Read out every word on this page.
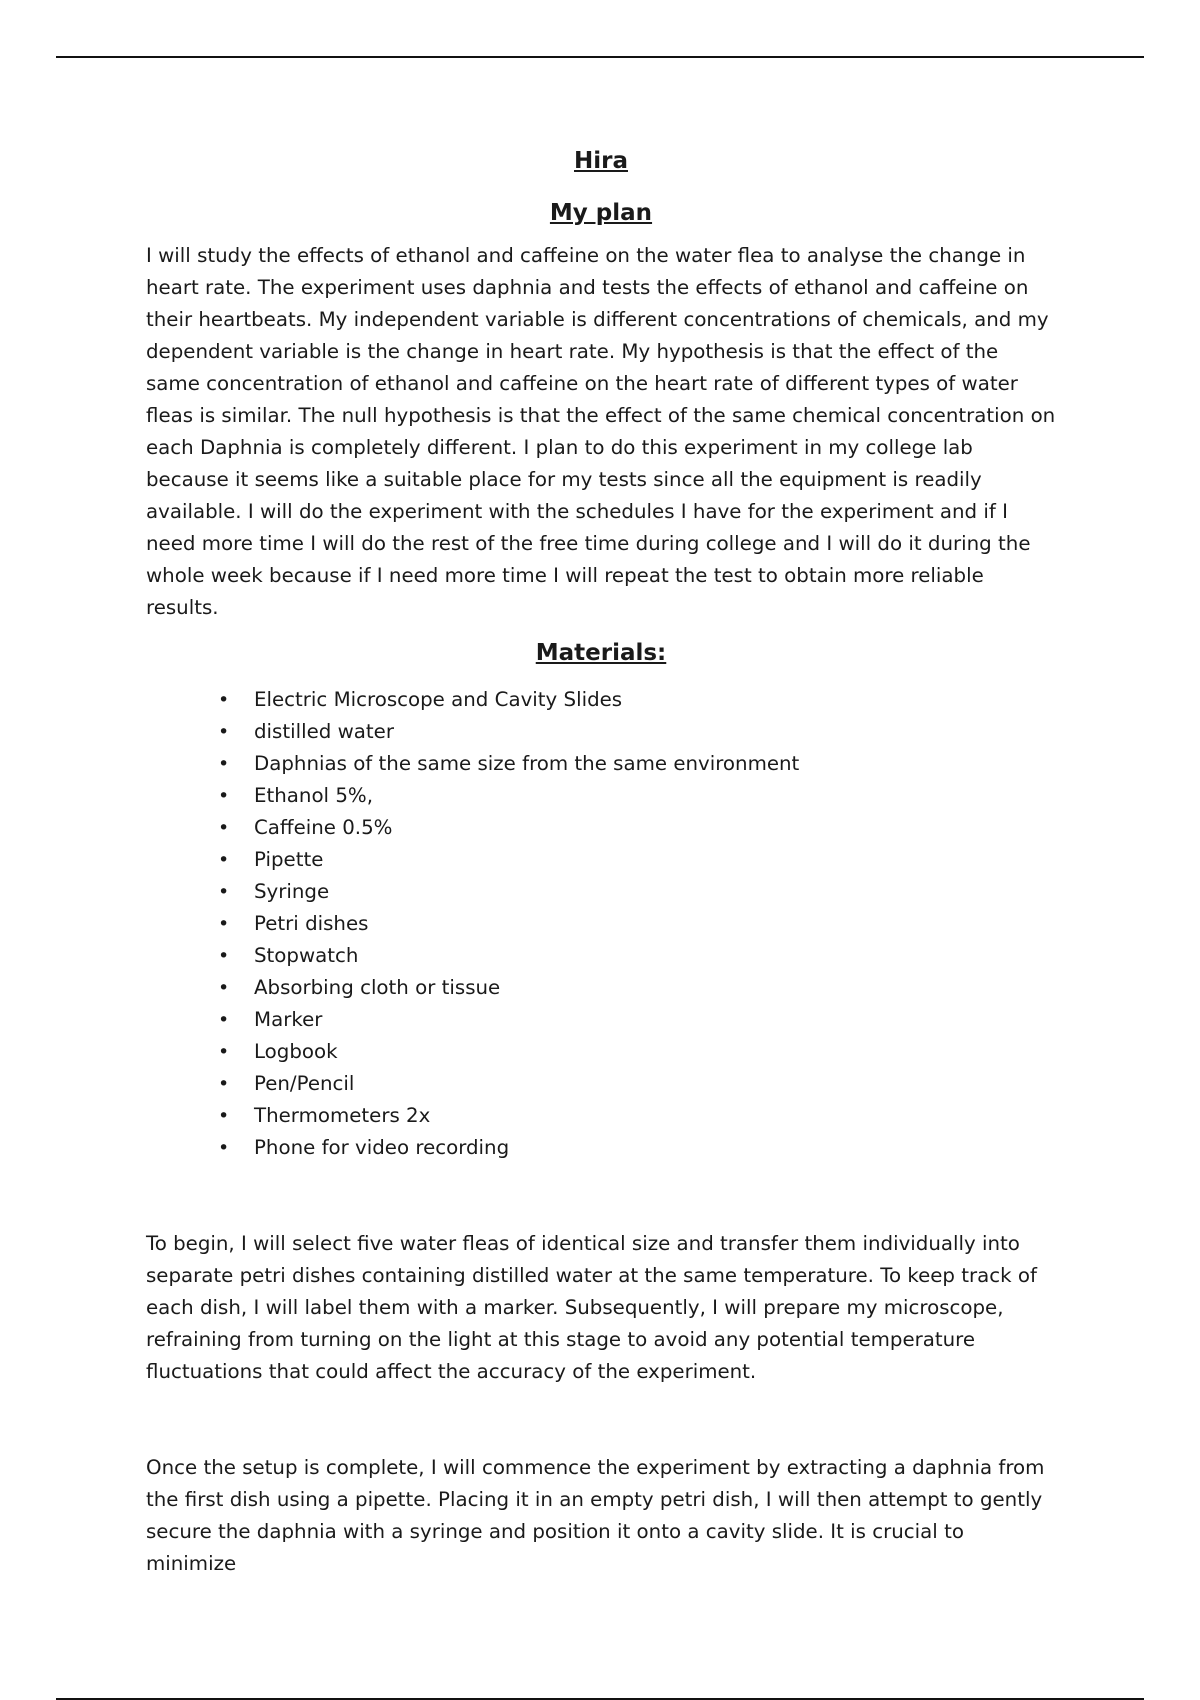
Hira
My plan

I will study the effects of ethanol and caffeine on the water flea to analyse the change in heart rate. The experiment uses daphnia and tests the effects of ethanol and caffeine on their heartbeats. My independent variable is different concentrations of chemicals, and my dependent variable is the change in heart rate. My hypothesis is that the effect of the same concentration of ethanol and caffeine on the heart rate of different types of water fleas is similar. The null hypothesis is that the effect of the same chemical concentration on each Daphnia is completely different. I plan to do this experiment in my college lab because it seems like a suitable place for my tests since all the equipment is readily available. I will do the experiment with the schedules I have for the experiment and if I need more time I will do the rest of the free time during college and I will do it during the whole week because if I need more time I will repeat the test to obtain more reliable results.

Materials:
• Electric Microscope and Cavity Slides
• distilled water
• Daphnias of the same size from the same environment
• Ethanol 5%,
• Caffeine 0.5%
• Pipette
• Syringe
• Petri dishes
• Stopwatch
• Absorbing cloth or tissue
• Marker
• Logbook
• Pen/Pencil
• Thermometers 2x
• Phone for video recording

To begin, I will select five water fleas of identical size and transfer them individually into separate petri dishes containing distilled water at the same temperature. To keep track of each dish, I will label them with a marker. Subsequently, I will prepare my microscope, refraining from turning on the light at this stage to avoid any potential temperature fluctuations that could affect the accuracy of the experiment.

Once the setup is complete, I will commence the experiment by extracting a daphnia from the first dish using a pipette. Placing it in an empty petri dish, I will then attempt to gently secure the daphnia with a syringe and position it onto a cavity slide. It is crucial to minimize
